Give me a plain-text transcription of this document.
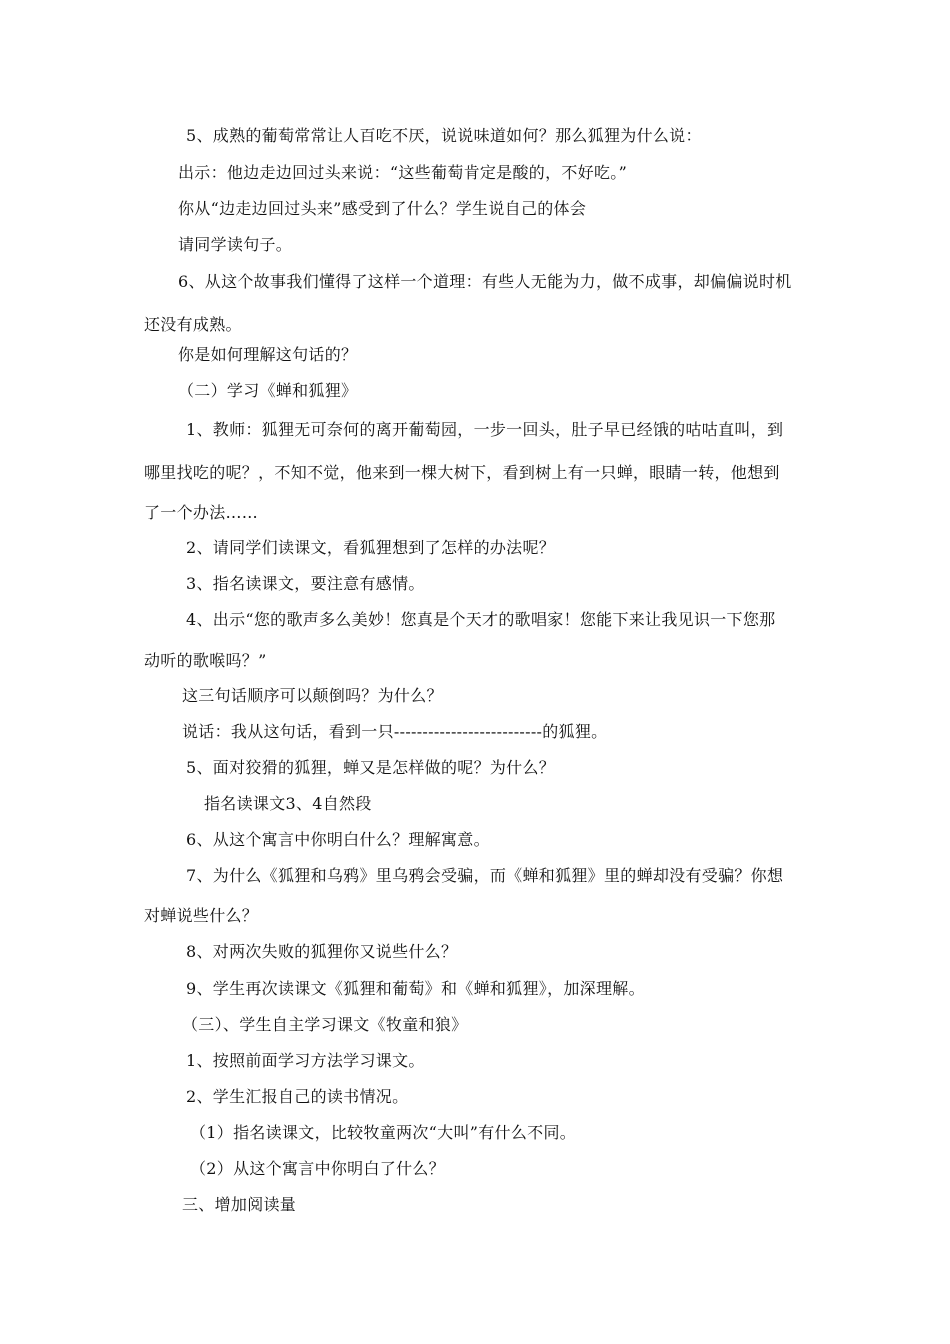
5、成熟的葡萄常常让人百吃不厌，说说味道如何？那么狐狸为什么说：
出示：他边走边回过头来说：“这些葡萄肯定是酸的，不好吃。”
你从“边走边回过头来”感受到了什么？学生说自己的体会
请同学读句子。
6、从这个故事我们懂得了这样一个道理：有些人无能为力，做不成事，却偏偏说时机
还没有成熟。
你是如何理解这句话的？
（二）学习《蝉和狐狸》
1、教师：狐狸无可奈何的离开葡萄园，一步一回头，肚子早已经饿的咕咕直叫，到
哪里找吃的呢？，不知不觉，他来到一棵大树下，看到树上有一只蝉，眼睛一转，他想到
了一个办法……
2、请同学们读课文，看狐狸想到了怎样的办法呢？
3、指名读课文，要注意有感情。
4、出示“您的歌声多么美妙！您真是个天才的歌唱家！您能下来让我见识一下您那
动听的歌喉吗？”
这三句话顺序可以颠倒吗？为什么？
说话：我从这句话，看到一只--------------------------的狐狸。
5、面对狡猾的狐狸，蝉又是怎样做的呢？为什么？
指名读课文3、4自然段
6、从这个寓言中你明白什么？理解寓意。
7、为什么《狐狸和乌鸦》里乌鸦会受骗，而《蝉和狐狸》里的蝉却没有受骗？你想
对蝉说些什么？
8、对两次失败的狐狸你又说些什么？
9、学生再次读课文《狐狸和葡萄》和《蝉和狐狸》，加深理解。
（三）、学生自主学习课文《牧童和狼》
1、按照前面学习方法学习课文。
2、学生汇报自己的读书情况。
（1）指名读课文，比较牧童两次“大叫”有什么不同。
（2）从这个寓言中你明白了什么？
三、增加阅读量
